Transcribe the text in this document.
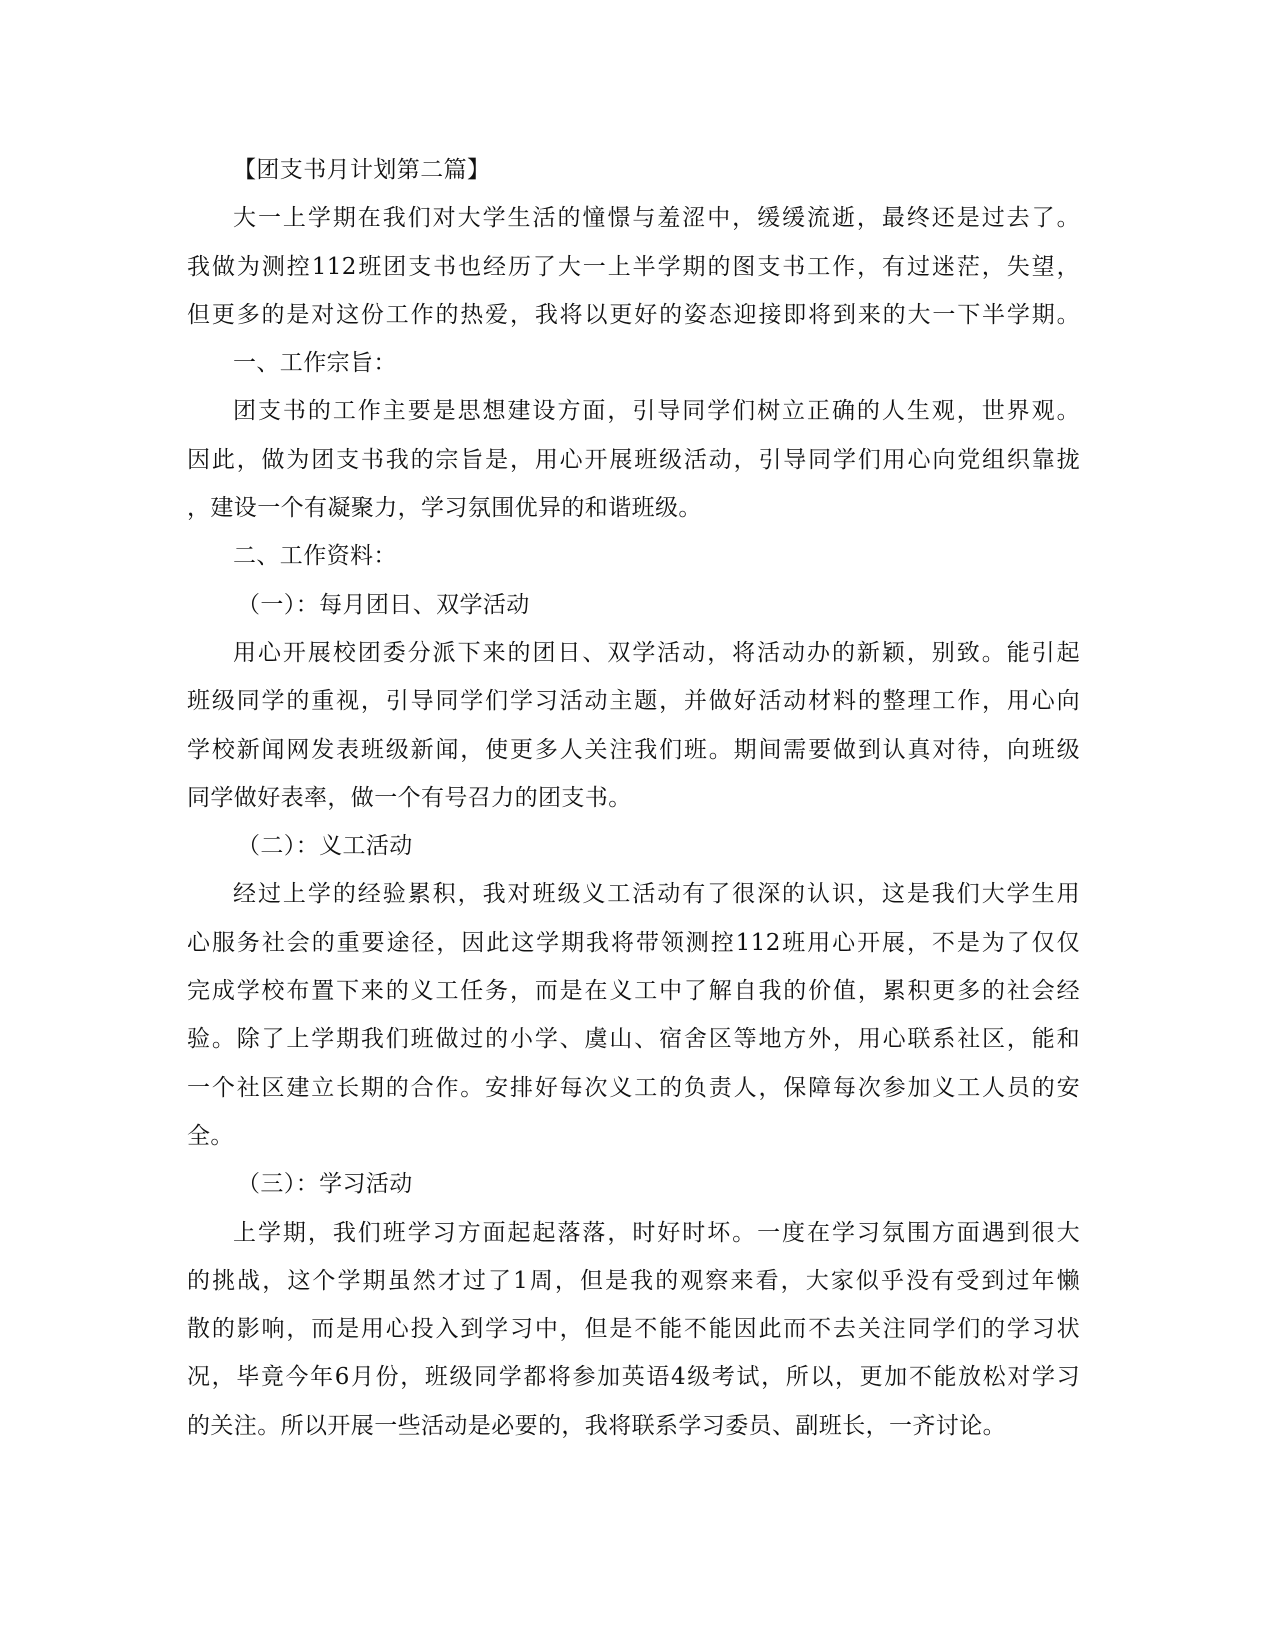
【团支书月计划第二篇】
大一上学期在我们对大学生活的憧憬与羞涩中，缓缓流逝，最终还是过去了。
我做为测控112班团支书也经历了大一上半学期的图支书工作，有过迷茫，失望，
但更多的是对这份工作的热爱，我将以更好的姿态迎接即将到来的大一下半学期。
一、工作宗旨：
团支书的工作主要是思想建设方面，引导同学们树立正确的人生观，世界观。
因此，做为团支书我的宗旨是，用心开展班级活动，引导同学们用心向党组织靠拢
，建设一个有凝聚力，学习氛围优异的和谐班级。
二、工作资料：
（一）：每月团日、双学活动
用心开展校团委分派下来的团日、双学活动，将活动办的新颖，别致。能引起
班级同学的重视，引导同学们学习活动主题，并做好活动材料的整理工作，用心向
学校新闻网发表班级新闻，使更多人关注我们班。期间需要做到认真对待，向班级
同学做好表率，做一个有号召力的团支书。
（二）：义工活动
经过上学的经验累积，我对班级义工活动有了很深的认识，这是我们大学生用
心服务社会的重要途径，因此这学期我将带领测控112班用心开展，不是为了仅仅
完成学校布置下来的义工任务，而是在义工中了解自我的价值，累积更多的社会经
验。除了上学期我们班做过的小学、虞山、宿舍区等地方外，用心联系社区，能和
一个社区建立长期的合作。安排好每次义工的负责人，保障每次参加义工人员的安
全。
（三）：学习活动
上学期，我们班学习方面起起落落，时好时坏。一度在学习氛围方面遇到很大
的挑战，这个学期虽然才过了1周，但是我的观察来看，大家似乎没有受到过年懒
散的影响，而是用心投入到学习中，但是不能不能因此而不去关注同学们的学习状
况，毕竟今年6月份，班级同学都将参加英语4级考试，所以，更加不能放松对学习
的关注。所以开展一些活动是必要的，我将联系学习委员、副班长，一齐讨论。
